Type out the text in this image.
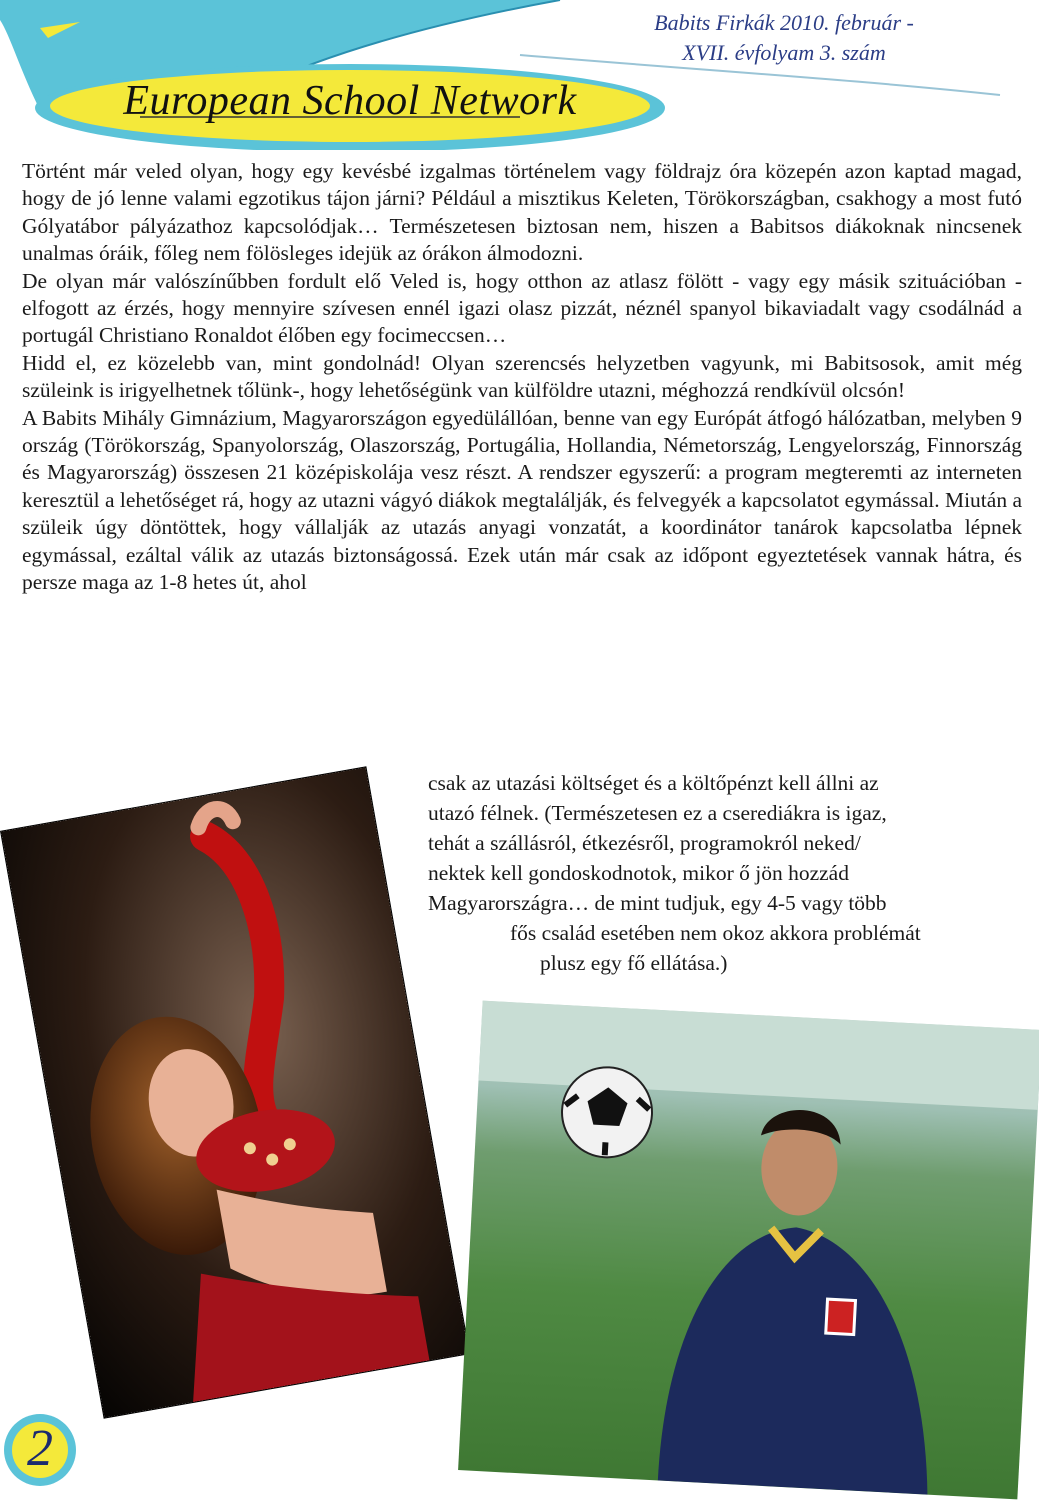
Babits Firkák 2010. február -
XVII. évfolyam 3. szám
European School Network

Történt már veled olyan, hogy egy kevésbé izgalmas történelem vagy földrajz óra közepén azon kaptad magad, hogy de jó lenne valami egzotikus tájon járni? Például a misztikus Keleten, Törökországban, csakhogy a most futó Gólyatábor pályázathoz kapcsolódjak… Természetesen biztosan nem, hiszen a Babitsos diákoknak nincsenek unalmas óráik, főleg nem fölösleges idejük az órákon álmodozni.

De olyan már valószínűbben fordult elő Veled is, hogy otthon az atlasz fölött - vagy egy másik szituációban - elfogott az érzés, hogy mennyire szívesen ennél igazi olasz pizzát, néznél spanyol bikaviadalt vagy csodálnád a portugál Christiano Ronaldot élőben egy focimeccsen…

Hidd el, ez közelebb van, mint gondolnád! Olyan szerencsés helyzetben vagyunk, mi Babitsosok, amit még szüleink is irigyelhetnek tőlünk-, hogy lehetőségünk van külföldre utazni, méghozzá rendkívül olcsón!

A Babits Mihály Gimnázium, Magyarországon egyedülállóan, benne van egy Európát átfogó hálózatban, melyben 9 ország (Törökország, Spanyolország, Olaszország, Portugália, Hollandia, Németország, Lengyelország, Finnország és Magyarország) összesen 21 középiskolája vesz részt. A rendszer egyszerű: a program megteremti az interneten keresztül a lehetőséget rá, hogy az utazni vágyó diákok megtalálják, és felvegyék a kapcsolatot egymással. Miután a szüleik úgy döntöttek, hogy vállalják az utazás anyagi vonzatát, a koordinátor tanárok kapcsolatba lépnek egymással, ezáltal válik az utazás biztonságossá. Ezek után már csak az időpont egyeztetések vannak hátra, és persze maga az 1-8 hetes út, ahol

csak az utazási költséget és a költőpénzt kell állni az
utazó félnek. (Természetesen ez a cserediákra is igaz,
tehát a szállásról, étkezésről, programokról neked/
nektek kell gondoskodnotok, mikor ő jön hozzád
Magyarországra… de mint tudjuk, egy 4-5 vagy több
fős család esetében nem okoz akkora problémát
plusz egy fő ellátása.)
2
